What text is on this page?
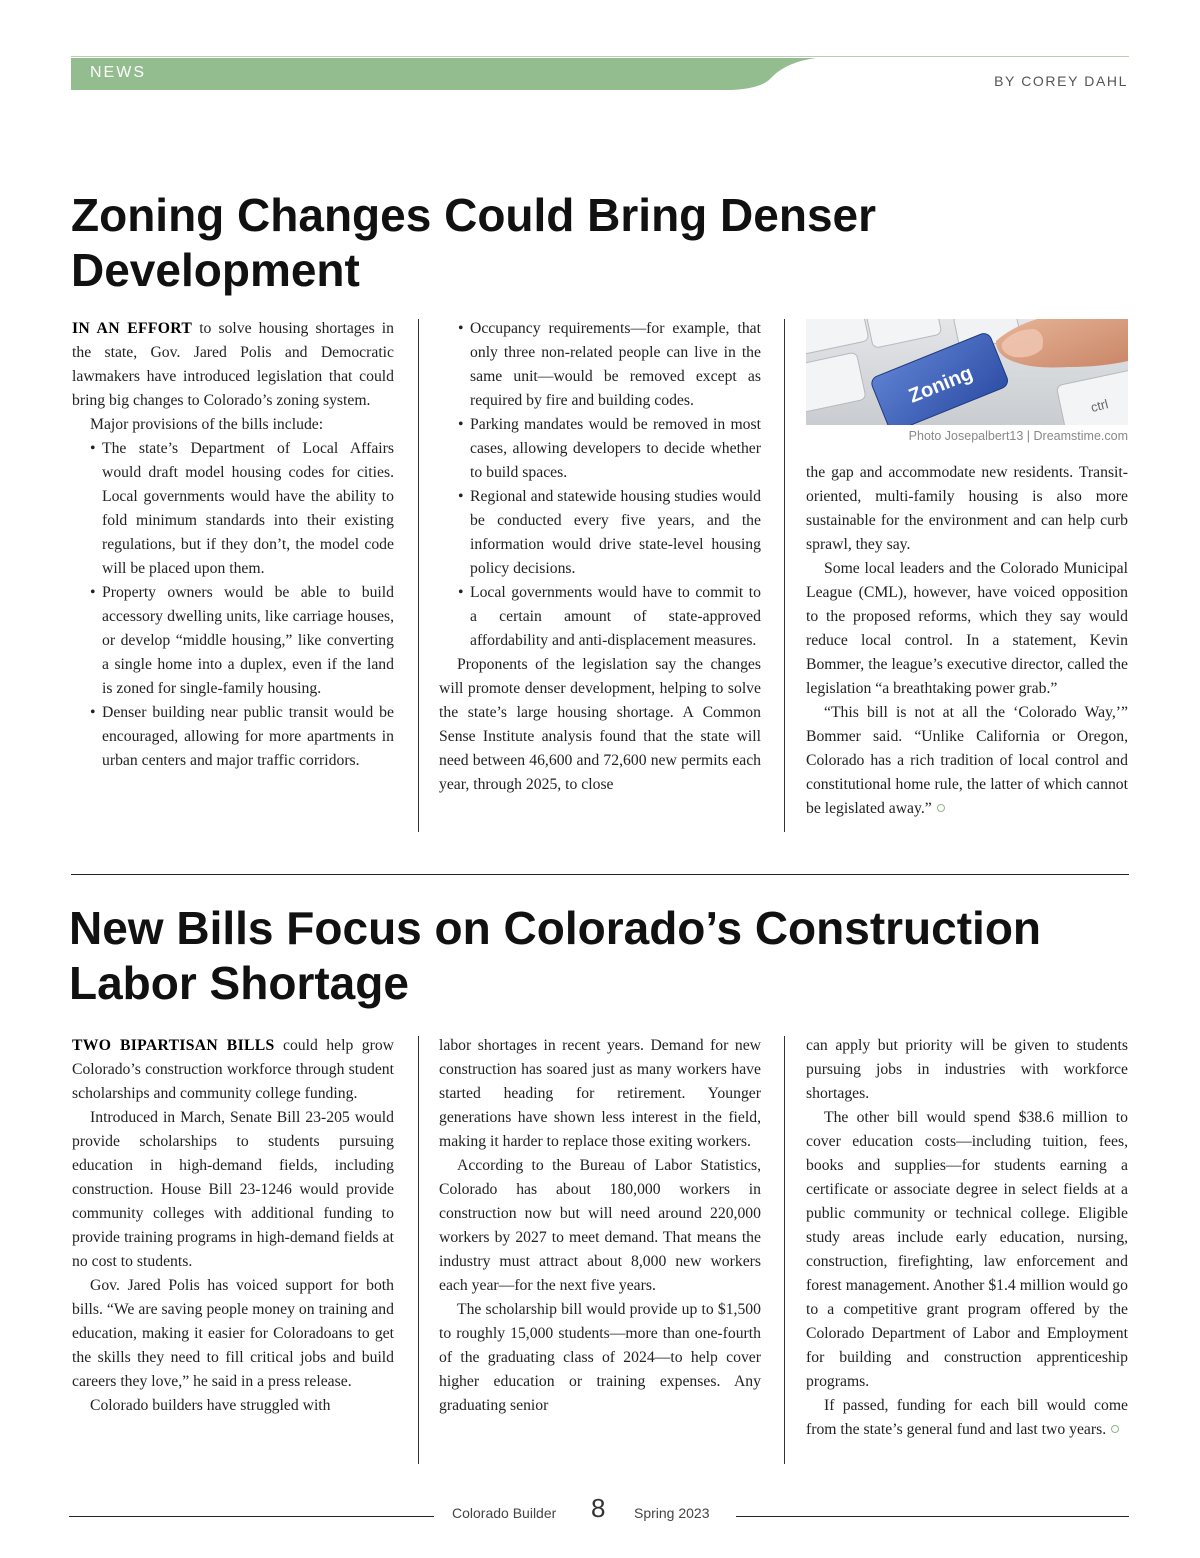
NEWS	BY COREY DAHL
Zoning Changes Could Bring Denser
Development

IN AN EFFORT to solve housing shortages in the state, Gov. Jared Polis and Democratic lawmakers have introduced legislation that could bring big changes to Colorado’s zoning system.

Major provisions of the bills include:

• The state’s Department of Local Affairs would draft model housing codes for cities. Local governments would have the ability to fold minimum standards into their existing regulations, but if they don’t, the model code will be placed upon them.

• Property owners would be able to build accessory dwelling units, like carriage houses, or develop “middle housing,” like converting a single home into a duplex, even if the land is zoned for single-family housing.

• Denser building near public transit would be encouraged, allowing for more apartments in urban centers and major traffic corridors.

• Occupancy requirements—for example, that only three non-related people can live in the same unit—would be removed except as required by fire and building codes.

• Parking mandates would be removed in most cases, allowing developers to decide whether to build spaces.

• Regional and statewide housing studies would be conducted every five years, and the information would drive state-level housing policy decisions.

• Local governments would have to commit to a certain amount of state-approved affordability and anti-displacement measures.

Proponents of the legislation say the changes will promote denser development, helping to solve the state’s large housing shortage. A Common Sense Institute analysis found that the state will need between 46,600 and 72,600 new permits each year, through 2025, to close

Zoning	ctrl
Photo Josepalbert13 | Dreamstime.com

the gap and accommodate new residents. Transit-oriented, multi-family housing is also more sustainable for the environment and can help curb sprawl, they say.

Some local leaders and the Colorado Municipal League (CML), however, have voiced opposition to the proposed reforms, which they say would reduce local control. In a statement, Kevin Bommer, the league’s executive director, called the legislation “a breathtaking power grab.”

“This bill is not at all the ‘Colorado Way,’” Bommer said. “Unlike California or Oregon, Colorado has a rich tradition of local control and constitutional home rule, the latter of which cannot be legislated away.”

New Bills Focus on Colorado’s Construction
Labor Shortage

TWO BIPARTISAN BILLS could help grow Colorado’s construction workforce through student scholarships and community college funding.

Introduced in March, Senate Bill 23-205 would provide scholarships to students pursuing education in high-demand fields, including construction. House Bill 23-1246 would provide community colleges with additional funding to provide training programs in high-demand fields at no cost to students.

Gov. Jared Polis has voiced support for both bills. “We are saving people money on training and education, making it easier for Coloradoans to get the skills they need to fill critical jobs and build careers they love,” he said in a press release.

Colorado builders have struggled with

labor shortages in recent years. Demand for new construction has soared just as many workers have started heading for retirement. Younger generations have shown less interest in the field, making it harder to replace those exiting workers.

According to the Bureau of Labor Statistics, Colorado has about 180,000 workers in construction now but will need around 220,000 workers by 2027 to meet demand. That means the industry must attract about 8,000 new workers each year—for the next five years.

The scholarship bill would provide up to $1,500 to roughly 15,000 students—more than one-fourth of the graduating class of 2024—to help cover higher education or training expenses. Any graduating senior

can apply but priority will be given to students pursuing jobs in industries with workforce shortages.

The other bill would spend $38.6 million to cover education costs—including tuition, fees, books and supplies—for students earning a certificate or associate degree in select fields at a public community or technical college. Eligible study areas include early education, nursing, construction, firefighting, law enforcement and forest management. Another $1.4 million would go to a competitive grant program offered by the Colorado Department of Labor and Employment for building and construction apprenticeship programs.

If passed, funding for each bill would come from the state’s general fund and last two years.

Colorado Builder 8 Spring 2023
